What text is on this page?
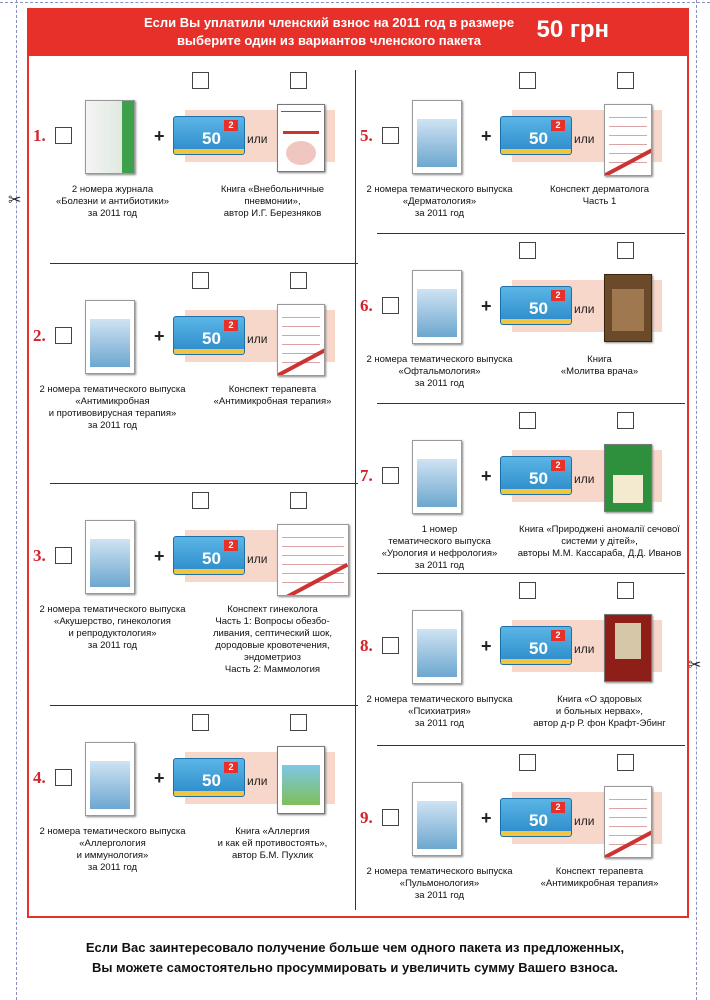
✂
✂
Если Вы уплатили членский взнос на 2011 год в размере
выберите один из вариантов членского пакета	50 грн
1.	+
2
50 или
2 номера журнала
«Болезни и антибиотики»
за 2011 год
Книга «Внебольничные
пневмонии»,
автор И.Г. Березняков
2.	+
2
50 или
2 номера тематического выпуска
«Антимикробная
и противовирусная терапия»
за 2011 год
Конспект терапевта
«Антимикробная терапия»
3.	+
2
50 или
2 номера тематического выпуска
«Акушерство, гинекология
и репродуктология»
за 2011 год
Конспект гинеколога
Часть 1: Вопросы обезбо-
ливания, септический шок,
дородовые кровотечения,
эндометриоз
Часть 2: Маммология
4.	+
2
50 или
2 номера тематического выпуска
«Аллергология
и иммунология»
за 2011 год
Книга «Аллергия
и как ей противостоять»,
автор Б.М. Пухлик
5.	+
2
50 или
2 номера тематического выпуска
«Дерматология»
за 2011 год
Конспект дерматолога
Часть 1
6.	+
2
50 или
2 номера тематического выпуска
«Офтальмология»
за 2011 год
Книга
«Молитва врача»
7.	+
2
50 или
1 номер
тематического выпуска
«Урология и нефрология»
за 2011 год
Книга «Природжені аномалії сечової
системи у дітей»,
авторы М.М. Кассараба, Д.Д. Иванов
8.	+
2
50 или
2 номера тематического выпуска
«Психиатрия»
за 2011 год
Книга «О здоровых
и больных нервах»,
автор д-р Р. фон Крафт-Эбинг
9.	+
2
50 или
2 номера тематического выпуска
«Пульмонология»
за 2011 год
Конспект терапевта
«Антимикробная терапия»
Если Вас заинтересовало получение больше чем одного пакета из предложенных,
Вы можете самостоятельно просуммировать и увеличить сумму Вашего взноса.
